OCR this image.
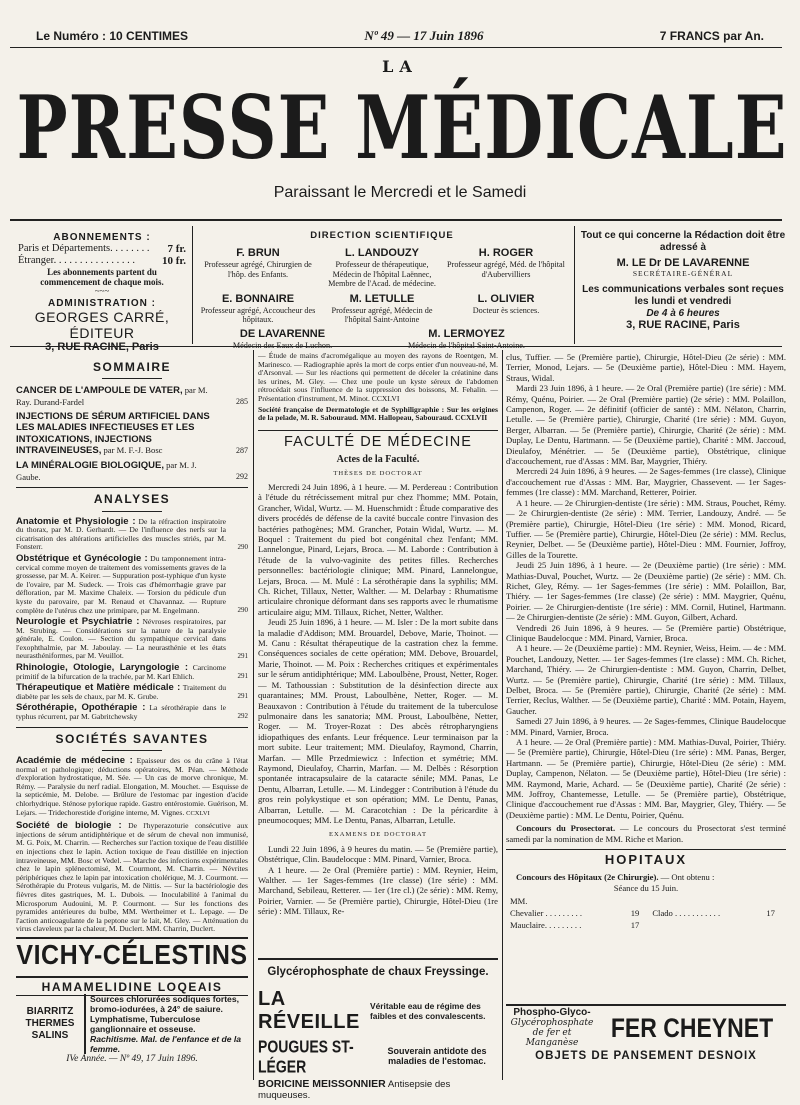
Le Numéro : 10 CENTIMES	Nº 49 — 17 Juin 1896	7 FRANCS par An.
LA
PRESSE MÉDICALE
Paraissant le Mercredi et le Samedi
ABONNEMENTS :
Paris et Départements. . . . . . . . 7 fr.
Étranger. . . . . . . . . . . . . . . . 10 fr.
Les abonnements partent du commencement de chaque mois.
~~~
ADMINISTRATION :
GEORGES CARRÉ, ÉDITEUR
3, RUE RACINE, Paris
DIRECTION SCIENTIFIQUE
F. BRUN
Professeur agrégé, Chirurgien de l'hôp. des Enfants.
L. LANDOUZY
Professeur de thérapeutique, Médecin de l'hôpital Laënnec, Membre de l'Acad. de médecine.
H. ROGER
Professeur agrégé, Méd. de l'hôpital d'Aubervilliers
E. BONNAIRE
Professeur agrégé, Accoucheur des hôpitaux.
M. LETULLE
Professeur agrégé, Médecin de l'hôpital Saint-Antoine
L. OLIVIER
Docteur ès sciences.
DE LAVARENNE
Médecin des Eaux de Luchon.
M. LERMOYEZ
Médecin de l'hôpital Saint-Antoine.
Tout ce qui concerne la Rédaction doit être adressé à
M. LE Dr DE LAVARENNE
SECRÉTAIRE-GÉNÉRAL
Les communications verbales sont reçues les lundi et vendredi
De 4 à 6 heures
3, RUE RACINE, Paris
SOMMAIRE
CANCER DE L'AMPOULE DE VATER, par M. Ray. Durand-Fardel	285
INJECTIONS DE SÉRUM ARTIFICIEL DANS LES MALADIES INFECTIEUSES ET LES INTOXICATIONS, INJECTIONS INTRAVEINEUSES, par M. F.-J. Bosc	287
LA MINÉRALOGIE BIOLOGIQUE, par M. J. Gaube.	292
ANALYSES
Anatomie et Physiologie : De la réfraction inspiratoire du thorax, par M. D. Gerhardt. — De l'influence des nerfs sur la cicatrisation des altérations artificielles des muscles striés, par M. Fonsterr.	290
Obstétrique et Gynécologie : Du tamponnement intra-cervical comme moyen de traitement des vomissements graves de la grossesse, par M. A. Keirer. — Suppuration post-typhique d'un kyste de l'ovaire, par M. Sudeck. — Trois cas d'hémorrhagie grave par défloration, par M. Maxime Chaleix. — Torsion du pédicule d'un kyste du parovaire, par M. Renaud et Chavannaz. — Rupture complète de l'utérus chez une primipare, par M. Engelmann.	290
Neurologie et Psychiatrie : Névroses respiratoires, par M. Strubing. — Considérations sur la nature de la paralysie générale, E. Coulon. — Section du sympathique cervical dans l'exophthalmie, par M. Jaboulay. — La neurasthénie et les états neurasthéniformes, par M. Veuillot.	291
Rhinologie, Otologie, Laryngologie : Carcinome primitif de la bifurcation de la trachée, par M. Karl Ehlich.	291
Thérapeutique et Matière médicale : Traitement du diabète par les sels de chaux, par M. K. Grube.	291
Sérothérapie, Opothérapie : La sérothérapie dans le typhus récurrent, par M. Gabritchewsky	292
SOCIÉTÉS SAVANTES
Académie de médecine : Epaisseur des os du crâne à l'état normal et pathologique; déductions opératoires, M. Péan. — Méthode d'exploration hydrostatique, M. Sée. — Un cas de morve chronique, M. Rémy. — Paralysie du nerf radial. Elongation, M. Mouchet. — Esquisse de la septicémie, M. Delobe. — Brûlure de l'estomac par ingestion d'acide chlorhydrique. Sténose pylorique rapide. Gastro entérostomie. Guérison, M. Lejars. — Tridechorestide d'origine interne, M. Vignes. CCXLVI
Société de biologie : De l'hyperazoturie consécutive aux injections de sérum antidiphtérique et de sérum de cheval non immunisé, M. G. Poix, M. Charrin. — Recherches sur l'action toxique de l'eau distillée en injections chez le lapin. Action toxique de l'eau distillée en injection intraveineuse, MM. Bosc et Vedel. — Marche des infections expérimentales chez le lapin splénectomisé, M. Courmont, M. Charrin. — Névrites périphériques chez le lapin par intoxication cholérique, M. J. Courmont. — Sérothérapie du Proteus vulgaris, M. de Nittis. — Sur la bactériologie des fièvres dites gastriques, M. L. Dubois. — Inoculabilité à l'animal du Microsporum Audouini, M. P. Courmont. — Sur les fonctions des pyramides antérieures du bulbe, MM. Wertheimer et L. Lepage. — De l'action anticoagulante de la peptone sur le lait, M. Gley. — Atténuation du virus claveleux par la chaleur, M. Duclert. MM. Charrin, Duclert.
VICHY-CÉLESTINS
HAMAMELIDINE LOQEAIS
BIARRITZ THERMES SALINS
Sources chlorurées sodiques fortes, bromo-iodurées, à 24° de saiure.
Lymphatisme, Tuberculose ganglionnaire et osseuse.
Rachitisme. Mal. de l'enfance et de la femme.
IVe Année. — Nº 49, 17 Juin 1896.
— Étude de mains d'acromégalique au moyen des rayons de Roentgen, M. Marinesco. — Radiographie après la mort de corps entier d'un nouveau-né, M. d'Arsonval. — Sur les réactions qui permettent de déceler la créatinine dans les urines, M. Gley. — Chez une poule un kyste séreux de l'abdomen rétrocédait sous l'influence de la suppression des boissons, M. Fehalin. — Présentation d'instrument, M. Minot. CCXLVI
Société française de Dermatologie et de Syphiligraphie : Sur les origines de la pelade, M. R. Sabouraud. MM. Hallopeau, Sabouraud. CCXLVII
FACULTÉ DE MÉDECINE
Actes de la Faculté.
THÈSES DE DOCTORAT

Mercredi 24 Juin 1896, à 1 heure. — M. Perdereau : Contribution à l'étude du rétrécissement mitral pur chez l'homme; MM. Potain, Grancher, Widal, Wurtz. — M. Huenschmidt : Étude comparative des divers procédés de défense de la cavité buccale contre l'invasion des bactéries pathogènes; MM. Grancher, Potain Widal, Wurtz. — M. Boquel : Traitement du pied bot congénital chez l'enfant; MM. Lannelongue, Pinard, Lejars, Broca. — M. Laborde : Contribution à l'étude de la vulvo-vaginite des petites filles. Recherches personnelles: bactériologie clinique; MM. Pinard, Lannelongue, Lejars, Broca. — M. Mulé : La sérothérapie dans la syphilis; MM. Ch. Richet, Tillaux, Netter, Walther. — M. Delarbay : Rhumatisme articulaire chronique déformant dans ses rapports avec le rhumatisme articulaire aigu; MM. Tillaux, Richet, Netter, Walther.

Jeudi 25 Juin 1896, à 1 heure. — M. Isler : De la mort subite dans la maladie d'Addison; MM. Brouardel, Debove, Marie, Thoinot. — M. Canu : Résultat thérapeutique de la castration chez la femme. Conséquences sociales de cette opération; MM. Debove, Brouardel, Marie, Thoinot. — M. Poix : Recherches critiques et expérimentales sur le sérum antidiphtérique; MM. Laboulbène, Proust, Netter, Roger. — M. Tathoussian : Substitution de la désinfection directe aux quarantaines; MM. Proust, Laboulbène, Netter, Roger. — M. Beauxavon : Contribution à l'étude du traitement de la tuberculose pulmonaire dans les sanatoria; MM. Proust, Laboulbène, Netter, Roger. — M. Troyer-Rozat : Des abcès rétropharyngiens idiopathiques des enfants. Leur fréquence. Leur terminaison par la mort subite. Leur traitement; MM. Dieulafoy, Raymond, Charrin, Marfan. — Mlle Przedmiewicz : Infection et symétrie; MM. Raymond, Dieulafoy, Charrin, Marfan. — M. Delbès : Résorption spontanée intracapsulaire de la cataracte sénile; MM. Panas, Le Dentu, Albarran, Letulle. — M. Lindegger : Contribution à l'étude du gros rein polykystique et son opération; MM. Le Dentu, Panas, Albarran, Letulle. — M. Caracotchian : De la péricardite à pneumocoques; MM. Le Dentu, Panas, Albarran, Letulle.

EXAMENS DE DOCTORAT

Lundi 22 Juin 1896, à 9 heures du matin. — 5e (Première partie), Obstétrique, Clin. Baudelocque : MM. Pinard, Varnier, Broca.

A 1 heure. — 2e Oral (Première partie) : MM. Reynier, Heim, Walther. — 1er Sages-femmes (1re classe) (1re série) : MM. Marchand, Sebileau, Retterer. — 1er (1re cl.) (2e série) : MM. Remy, Poirier, Varnier. — 5e (Première partie), Chirurgie, Hôtel-Dieu (1re série) : MM. Tillaux, Re-

Glycérophosphate de chaux Freyssinge.
LA RÉVEILLE
Véritable eau de régime des faibles et des convalescents.
POUGUES ST-LÉGER
Souverain antidote des maladies de l'estomac.
BORICINE MEISSONNIER Antisepsie des muqueuses.

clus, Tuffier. — 5e (Première partie), Chirurgie, Hôtel-Dieu (2e série) : MM. Terrier, Monod, Lejars. — 5e (Deuxième partie), Hôtel-Dieu : MM. Hayem, Straus, Widal.

Mardi 23 Juin 1896, à 1 heure. — 2e Oral (Première partie) (1re série) : MM. Rémy, Quénu, Poirier. — 2e Oral (Première partie) (2e série) : MM. Polaillon, Campenon, Roger. — 2e définitif (officier de santé) : MM. Nélaton, Charrin, Letulle. — 5e (Première partie), Chirurgie, Charité (1re série) : MM. Guyon, Berger, Albarran. — 5e (Première partie), Chirurgie, Charité (2e série) : MM. Duplay, Le Dentu, Hartmann. — 5e (Deuxième partie), Charité : MM. Jaccoud, Dieulafoy, Ménétrier. — 5e (Deuxième partie), Obstétrique, clinique d'accouchement, rue d'Assas : MM. Bar, Maygrier, Thiéry.

Mercredi 24 Juin 1896, à 9 heures. — 2e Sages-femmes (1re classe), Clinique d'accouchement rue d'Assas : MM. Bar, Maygrier, Chassevent. — 1er Sages-femmes (1re classe) : MM. Marchand, Retterer, Poirier.

A 1 heure. — 2e Chirurgien-dentiste (1re série) : MM. Straus, Pouchet, Rémy. — 2e Chirurgien-dentiste (2e série) : MM. Terrier, Landouzy, André. — 5e (Première partie), Chirurgie, Hôtel-Dieu (1re série) : MM. Monod, Ricard, Tuffier. — 5e (Première partie), Chirurgie, Hôtel-Dieu (2e série) : MM. Reclus, Reynier, Delbet. — 5e (Deuxième partie), Hôtel-Dieu : MM. Fournier, Joffroy, Gilles de la Tourette.

Jeudi 25 Juin 1896, à 1 heure. — 2e (Deuxième partie) (1re série) : MM. Mathias-Duval, Pouchet, Wurtz. — 2e (Deuxième partie) (2e série) : MM. Ch. Richet, Gley, Rémy. — 1er Sages-femmes (1re série) : MM. Polaillon, Bar, Thiéry. — 1er Sages-femmes (1re classe) (2e série) : MM. Maygrier, Quénu, Poirier. — 2e Chirurgien-dentiste (1re série) : MM. Cornil, Hutinel, Hartmann. — 2e Chirurgien-dentiste (2e série) : MM. Guyon, Gilbert, Achard.

Vendredi 26 Juin 1896, à 9 heures. — 5e (Première partie) Obstétrique, Clinique Baudelocque : MM. Pinard, Varnier, Broca.

A 1 heure. — 2e (Deuxième partie) : MM. Reynier, Weiss, Heim. — 4e : MM. Pouchet, Landouzy, Netter. — 1er Sages-femmes (1re classe) : MM. Ch. Richet, Marchand, Thiéry. — 2e Chirurgien-dentiste : MM. Guyon, Charrin, Delbet, Wurtz. — 5e (Première partie), Chirurgie, Charité (1re série) : MM. Tillaux, Delbet, Broca. — 5e (Première partie), Chirurgie, Charité (2e série) : MM. Terrier, Reclus, Walther. — 5e (Deuxième partie), Charité : MM. Potain, Hayem, Gaucher.

Samedi 27 Juin 1896, à 9 heures. — 2e Sages-femmes, Clinique Baudelocque : MM. Pinard, Varnier, Broca.

A 1 heure. — 2e Oral (Première partie) : MM. Mathias-Duval, Poirier, Thiéry. — 5e (Première partie), Chirurgie, Hôtel-Dieu (1re série) : MM. Panas, Berger, Hartmann. — 5e (Première partie), Chirurgie, Hôtel-Dieu (2e série) : MM. Duplay, Campenon, Nélaton. — 5e (Deuxième partie), Hôtel-Dieu (1re série) : MM. Raymond, Marie, Achard. — 5e (Deuxième partie), Charité (2e série) : MM. Joffroy, Chantemesse, Letulle. — 5e (Première partie), Obstétrique, Clinique d'accouchement rue d'Assas : MM. Bar, Maygrier, Gley, Thiéry. — 5e (Deuxième partie) : MM. Le Dentu, Poirier, Quénu.

Concours du Prosectorat. — Le concours du Prosectorat s'est terminé samedi par la nomination de MM. Riche et Marion.

HOPITAUX

Concours des Hôpitaux (2e Chirurgie). — Ont obtenu :

Séance du 15 Juin.
MM.			
Chevalier . . . . . . . . .	19	Clado . . . . . . . . . . .	17
Mauclaire. . . . . . . . .	17		
Phospho-Glyco-
Glycérophosphate de fer et Manganèse
FER CHEYNET
OBJETS DE PANSEMENT DESNOIX
